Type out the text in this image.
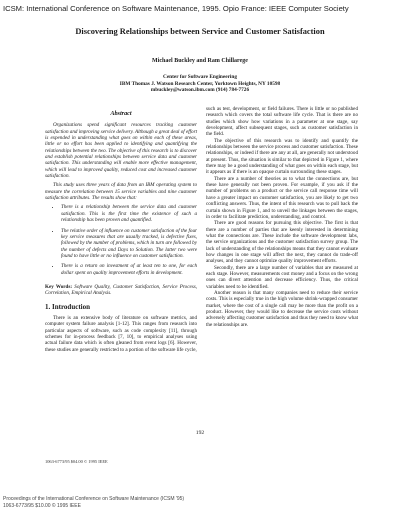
ICSM: International Conference on Software Maintenance, 1995. Opio France: IEEE Computer Society
Discovering Relationships between Service and Customer Satisfaction
Michael Buckley and Ram Chillarege
Center for Software Engineering
IBM Thomas J. Watson Research Center, Yorktown Heights, NY 10598
mbuckley@watson.ibm.com (914) 784-7726
Abstract

Organizations spend significant resources tracking customer satisfaction and improving service delivery. Although a great deal of effort is expended in understanding what goes on within each of these areas, little or no effort has been applied to identifying and quantifying the relationships between the two. The objective of this research is to discover and establish potential relationships between service data and customer satisfaction. This understanding will enable more effective management, which will lead to improved quality, reduced cost and increased customer satisfaction.

This study uses three years of data from an IBM operating system to measure the correlation between 15 service variables and nine customer satisfaction attributes. The results show that:

• There is a relationship between the service data and customer satisfaction. This is the first time the existence of such a relationship has been proven and quantified.
• The relative order of influence on customer satisfaction of the four key service measures that are usually tracked, is defective fixes, followed by the number of problems, which in turn are followed by the number of defects and Days to Solution. The latter two were found to have little or no influence on customer satisfaction.
• There is a return on investment of at least ten to one, for each dollar spent on quality improvement efforts in development.
Key Words: Software Quality, Customer Satisfaction, Service Process, Correlation, Empirical Analysis.
1. Introduction

There is an extensive body of literature on software metrics, and computer system failure analysis [1-12]. This ranges from research into particular aspects of software, such as code complexity [11], through schemes for in-process feedback [7, 10], to empirical analyses using actual failure data which is often gleaned from event logs [6]. However, these studies are generally restricted to a portion of the software life cycle,

such as test, development, or field failures. There is little or no published research which covers the total software life cycle. That is there are no studies which show how variations in a parameter at one stage, say development, affect subsequent stages, such as customer satisfaction in the field.

The objective of this research was to identify and quantify the relationships between the service process and customer satisfaction. These relationships, or indeed if there are any at all, are generally not understood at present. Thus, the situation is similar to that depicted in Figure 1, where there may be a good understanding of what goes on within each stage, but it appears as if there is an opaque curtain surrounding these stages.

There are a number of theories as to what the connections are, but these have generally not been proven. For example, if you ask if the number of problems on a product or the service call response time will have a greater impact on customer satisfaction, you are likely to get two conflicting answers. Thus, the intent of this research was to pull back the curtain shown in Figure 1, and to unveil the linkages between the stages, in order to facilitate prediction, understanding, and control.

There are good reasons for pursuing this objective. The first is that there are a number of parties that are keenly interested in determining what the connections are. These include the software development labs, the service organizations and the customer satisfaction survey group. The lack of understanding of the relationships means that they cannot evaluate how changes in one stage will affect the next, they cannot do trade-off analyses, and they cannot optimize quality improvement efforts.

Secondly, there are a large number of variables that are measured at each stage. However, measurements cost money and a focus on the wrong ones can divert attention and decrease efficiency. Thus, the critical variables need to be identified.

Another reason is that many companies need to reduce their service costs. This is especially true in the high volume shrink-wrapped consumer market, where the cost of a single call may be more than the profit on a product. However, they would like to decrease the service costs without adversely affecting customer satisfaction and thus they need to know what the relationships are.

192
1063-6773/95 $04.00 © 1995 IEEE
Proceedings of the International Conference on Software Maintenance (ICSM '95)
1063-6773/95 $10.00 © 1995 IEEE
